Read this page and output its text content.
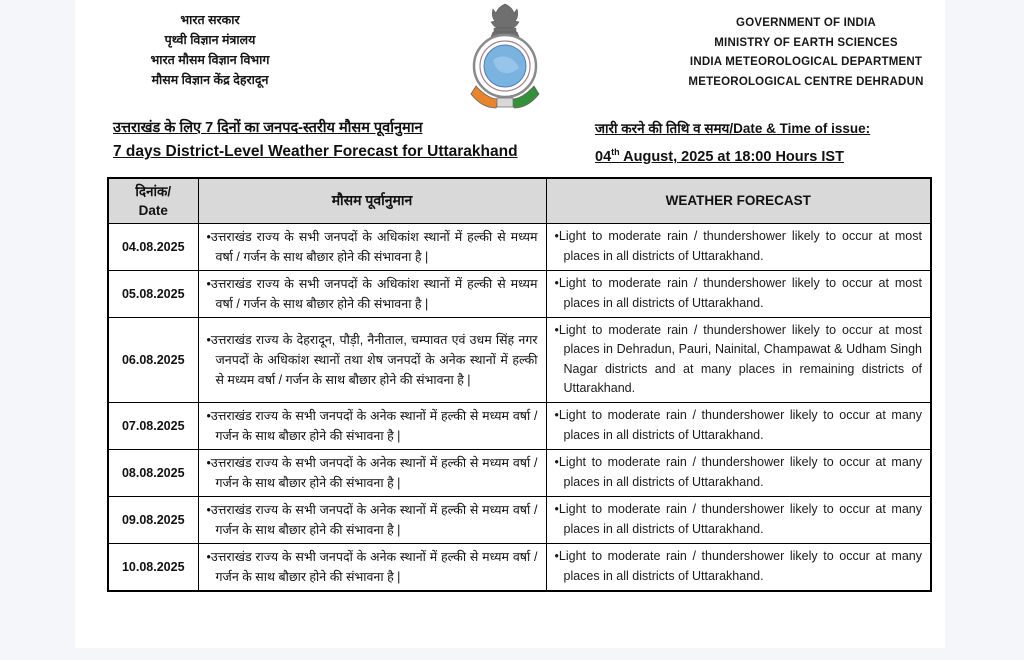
भारत सरकार
पृथ्वी विज्ञान मंत्रालय
भारत मौसम विज्ञान विभाग
मौसम विज्ञान केंद्र देहरादून
GOVERNMENT OF INDIA
MINISTRY OF EARTH SCIENCES
INDIA METEOROLOGICAL DEPARTMENT
METEOROLOGICAL CENTRE DEHRADUN
उत्तराखंड के लिए 7 दिनों का जनपद-स्तरीय मौसम पूर्वानुमान
7 days District-Level Weather Forecast for Uttarakhand
जारी करने की तिथि व समय/Date & Time of issue:
04th August, 2025 at 18:00 Hours IST
दिनांक/
Date	मौसम पूर्वानुमान	WEATHER FORECAST
04.08.2025	•उत्तराखंड राज्य के सभी जनपदों के अधिकांश स्थानों में हल्की से मध्यम वर्षा / गर्जन के साथ बौछार होने की संभावना है |	•Light to moderate rain / thundershower likely to occur at most places in all districts of Uttarakhand.

05.08.2025	•उत्तराखंड राज्य के सभी जनपदों के अधिकांश स्थानों में हल्की से मध्यम वर्षा / गर्जन के साथ बौछार होने की संभावना है |	•Light to moderate rain / thundershower likely to occur at most places in all districts of Uttarakhand.

06.08.2025	•उत्तराखंड राज्य के देहरादून, पौड़ी, नैनीताल, चम्पावत एवं उधम सिंह नगर जनपदों के अधिकांश स्थानों तथा शेष जनपदों के अनेक स्थानों में हल्की से मध्यम वर्षा / गर्जन के साथ बौछार होने की संभावना है |	•Light to moderate rain / thundershower likely to occur at most places in Dehradun, Pauri, Nainital, Champawat & Udham Singh Nagar districts and at many places in remaining districts of Uttarakhand.

07.08.2025	•उत्तराखंड राज्य के सभी जनपदों के अनेक स्थानों में हल्की से मध्यम वर्षा / गर्जन के साथ बौछार होने की संभावना है |	•Light to moderate rain / thundershower likely to occur at many places in all districts of Uttarakhand.

08.08.2025	•उत्तराखंड राज्य के सभी जनपदों के अनेक स्थानों में हल्की से मध्यम वर्षा / गर्जन के साथ बौछार होने की संभावना है |	•Light to moderate rain / thundershower likely to occur at many places in all districts of Uttarakhand.

09.08.2025	•उत्तराखंड राज्य के सभी जनपदों के अनेक स्थानों में हल्की से मध्यम वर्षा / गर्जन के साथ बौछार होने की संभावना है |	•Light to moderate rain / thundershower likely to occur at many places in all districts of Uttarakhand.

10.08.2025	•उत्तराखंड राज्य के सभी जनपदों के अनेक स्थानों में हल्की से मध्यम वर्षा / गर्जन के साथ बौछार होने की संभावना है |	•Light to moderate rain / thundershower likely to occur at many places in all districts of Uttarakhand.
